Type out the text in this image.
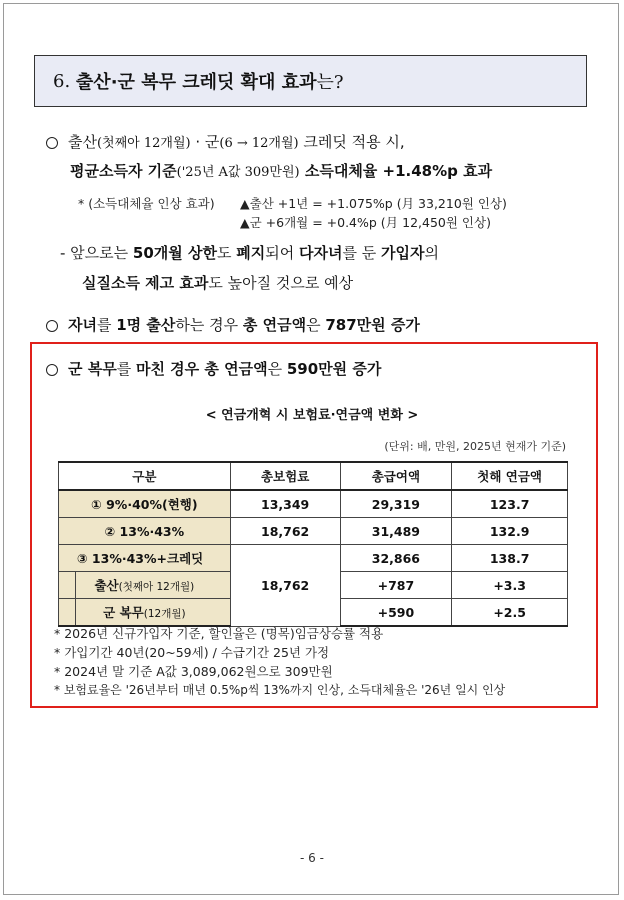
6.
출산·군 복무 크레딧 확대 효과 는?
출산(첫째아 12개월) · 군(6 → 12개월) 크레딧 적용 시,
평균소득자 기준('25년 A값 309만원) 소득대체율 +1.48%p 효과
* (소득대체율 인상 효과) ▲출산 +1년 = +1.075%p (月 33,210원 인상)
▲군 +6개월 = +0.4%p (月 12,450원 인상)
- 앞으로는 50개월 상한도 폐지되어 다자녀를 둔 가입자의
실질소득 제고 효과도 높아질 것으로 예상
자녀를 1명 출산하는 경우 총 연금액은 787만원 증가
군 복무를 마친 경우 총 연금액은 590만원 증가
< 연금개혁 시 보험료·연금액 변화 >
(단위: 배, 만원, 2025년 현재가 기준)
구분	총보험료	총급여액	첫해 연금액
① 9%·40%(현행)	13,349	29,319	123.7
② 13%·43%	18,762	31,489	132.9
③ 13%·43%+크레딧	18,762	32,866	138.7
출산(첫째아 12개월)		+787	+3.3
군 복무(12개월)		+590	+2.5
* 2026년 신규가입자 기준, 할인율은 (명목)임금상승률 적용
* 가입기간 40년(20~59세) / 수급기간 25년 가정
* 2024년 말 기준 A값 3,089,062원으로 309만원
* 보험료율은 '26년부터 매년 0.5%p씩 13%까지 인상, 소득대체율은 '26년 일시 인상
- 6 -
